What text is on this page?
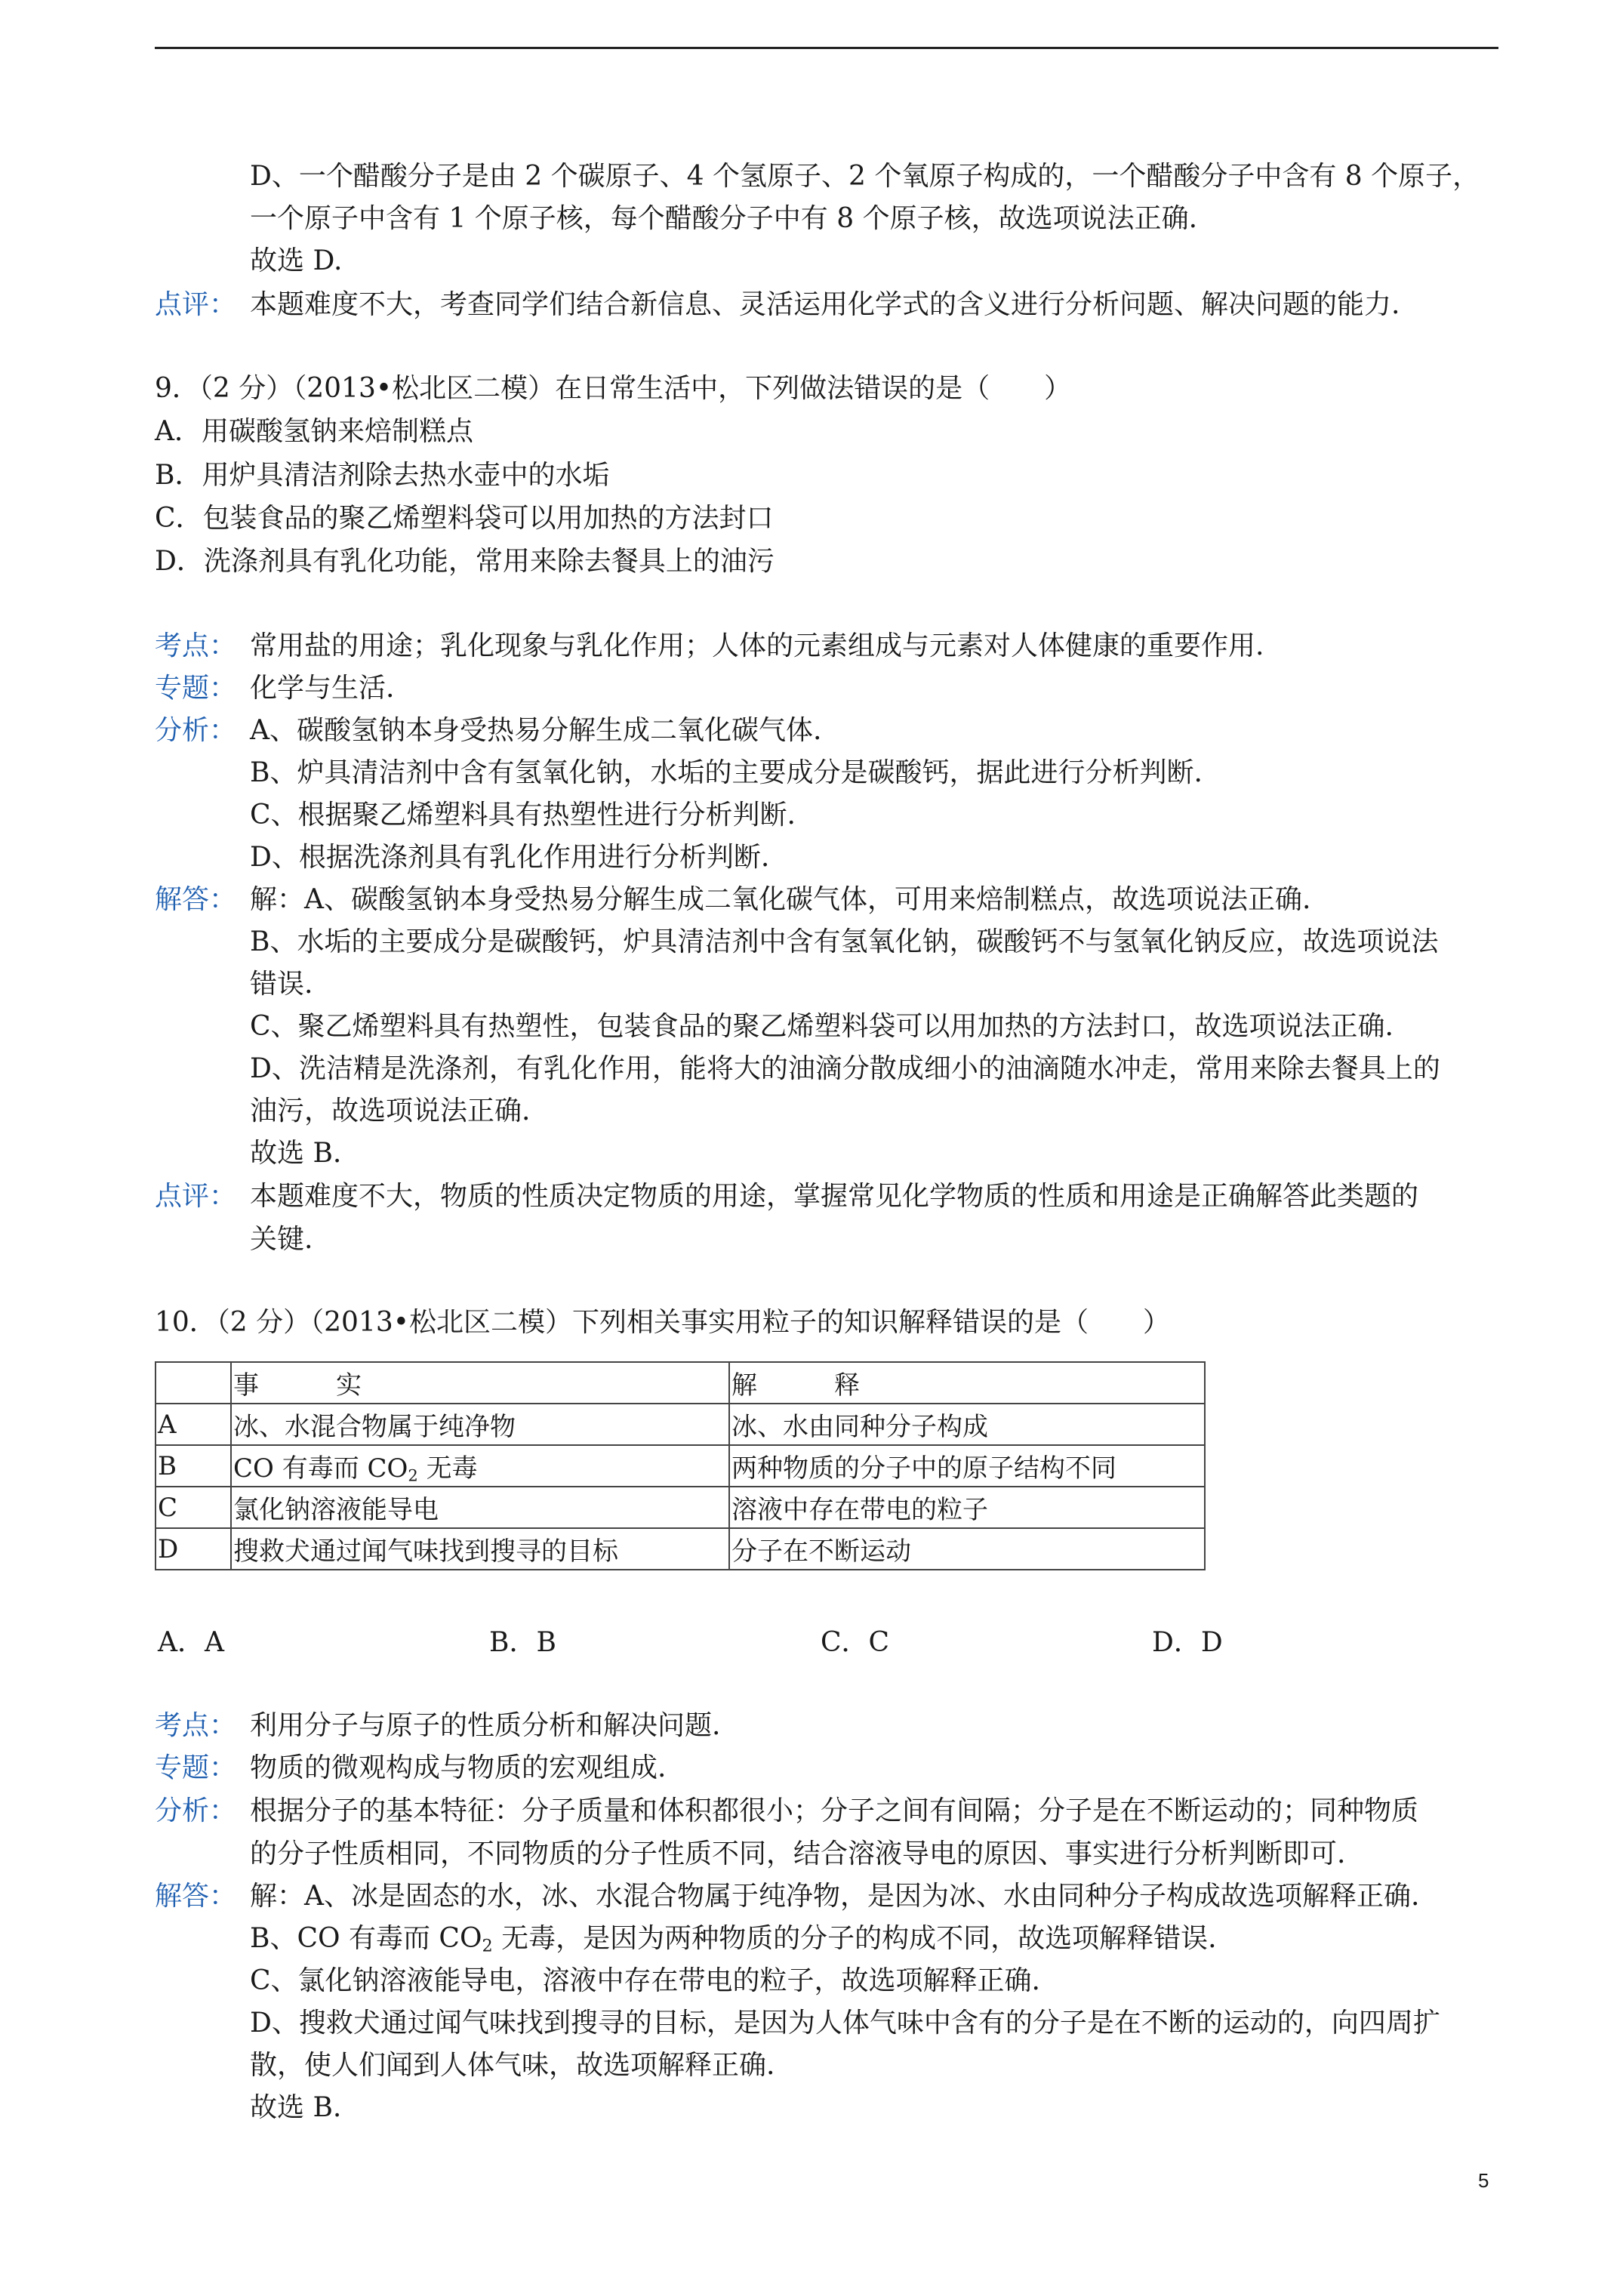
D、一个醋酸分子是由 2 个碳原子、4 个氢原子、2 个氧原子构成的，一个醋酸分子中含有 8 个原子，
一个原子中含有 1 个原子核，每个醋酸分子中有 8 个原子核，故选项说法正确.
故选 D.
点评： 本题难度不大，考查同学们结合新信息、灵活运用化学式的含义进行分析问题、解决问题的能力.
9．（2 分）（2013•松北区二模）在日常生活中，下列做法错误的是（　　）
A．用碳酸氢钠来焙制糕点
B．用炉具清洁剂除去热水壶中的水垢
C．包装食品的聚乙烯塑料袋可以用加热的方法封口
D．洗涤剂具有乳化功能，常用来除去餐具上的油污
考点： 常用盐的用途；乳化现象与乳化作用；人体的元素组成与元素对人体健康的重要作用.
专题： 化学与生活.
分析： A、碳酸氢钠本身受热易分解生成二氧化碳气体.
B、炉具清洁剂中含有氢氧化钠，水垢的主要成分是碳酸钙，据此进行分析判断.
C、根据聚乙烯塑料具有热塑性进行分析判断.
D、根据洗涤剂具有乳化作用进行分析判断.
解答： 解：A、碳酸氢钠本身受热易分解生成二氧化碳气体，可用来焙制糕点，故选项说法正确.
B、水垢的主要成分是碳酸钙，炉具清洁剂中含有氢氧化钠，碳酸钙不与氢氧化钠反应，故选项说法
错误.
C、聚乙烯塑料具有热塑性，包装食品的聚乙烯塑料袋可以用加热的方法封口，故选项说法正确.
D、洗洁精是洗涤剂，有乳化作用，能将大的油滴分散成细小的油滴随水冲走，常用来除去餐具上的
油污，故选项说法正确.
故选 B.
点评： 本题难度不大，物质的性质决定物质的用途，掌握常见化学物质的性质和用途是正确解答此类题的
关键.
10．（2 分）（2013•松北区二模）下列相关事实用粒子的知识解释错误的是（　　）
	事　　　实	解　　　释
A	冰、水混合物属于纯净物	冰、水由同种分子构成
B	CO 有毒而 $CO_2$ 无毒	两种物质的分子中的原子结构不同
C	氯化钠溶液能导电	溶液中存在带电的粒子
D	搜救犬通过闻气味找到搜寻的目标	分子在不断运动
A．A	B．B	C．C	D．D
考点： 利用分子与原子的性质分析和解决问题.
专题： 物质的微观构成与物质的宏观组成.
分析： 根据分子的基本特征：分子质量和体积都很小；分子之间有间隔；分子是在不断运动的；同种物质
的分子性质相同，不同物质的分子性质不同，结合溶液导电的原因、事实进行分析判断即可.
解答： 解：A、冰是固态的水，冰、水混合物属于纯净物，是因为冰、水由同种分子构成故选项解释正确.
B、CO 有毒而 $CO_2$ 无毒，是因为两种物质的分子的构成不同，故选项解释错误.
C、氯化钠溶液能导电，溶液中存在带电的粒子，故选项解释正确.
D、搜救犬通过闻气味找到搜寻的目标，是因为人体气味中含有的分子是在不断的运动的，向四周扩
散，使人们闻到人体气味，故选项解释正确.
故选 B.
5
